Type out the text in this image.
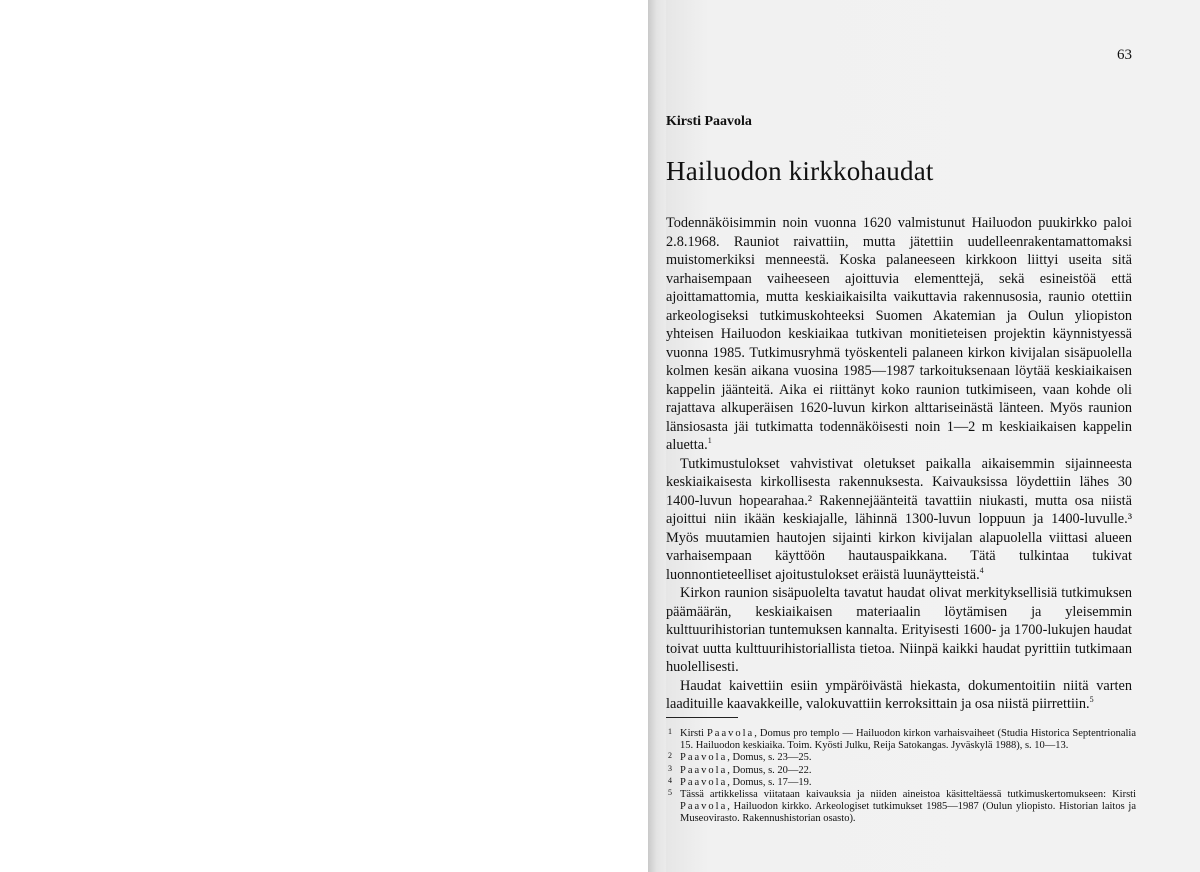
63
Kirsti Paavola
Hailuodon kirkkohaudat

Todennäköisimmin noin vuonna 1620 valmistunut Hailuodon puukirkko paloi 2.8.1968. Rauniot raivattiin, mutta jätettiin uudelleenrakentamattomaksi muistomerkiksi menneestä. Koska palaneeseen kirkkoon liittyi useita sitä varhaisempaan vaiheeseen ajoittuvia elementtejä, sekä esineistöä että ajoittamattomia, mutta keskiaikaisilta vaikuttavia rakennusosia, raunio otettiin arkeologiseksi tutkimuskohteeksi Suomen Akatemian ja Oulun yliopiston yhteisen Hailuodon keskiaikaa tutkivan monitieteisen projektin käynnistyessä vuonna 1985. Tutkimusryhmä työskenteli palaneen kirkon kivijalan sisäpuolella kolmen kesän aikana vuosina 1985—1987 tarkoituksenaan löytää keskiaikaisen kappelin jäänteitä. Aika ei riittänyt koko raunion tutkimiseen, vaan kohde oli rajattava alkuperäisen 1620-luvun kirkon alttariseinästä länteen. Myös raunion länsiosasta jäi tutkimatta todennäköisesti noin 1—2 m keskiaikaisen kappelin aluetta.$^1$

Tutkimustulokset vahvistivat oletukset paikalla aikaisemmin sijainneesta keskiaikaisesta kirkollisesta rakennuksesta. Kaivauksissa löydettiin lähes 30 1400-luvun hopearahaa.² Rakennejäänteitä tavattiin niukasti, mutta osa niistä ajoittui niin ikään keskiajalle, lähinnä 1300-luvun loppuun ja 1400-luvulle.³ Myös muutamien hautojen sijainti kirkon kivijalan alapuolella viittasi alueen varhaisempaan käyttöön hautauspaikkana. Tätä tulkintaa tukivat luonnontieteelliset ajoitustulokset eräistä luunäytteistä.$^4$

Kirkon raunion sisäpuolelta tavatut haudat olivat merkityksellisiä tutkimuksen päämäärän, keskiaikaisen materiaalin löytämisen ja yleisemmin kulttuurihistorian tuntemuksen kannalta. Erityisesti 1600- ja 1700-lukujen haudat toivat uutta kulttuurihistoriallista tietoa. Niinpä kaikki haudat pyrittiin tutkimaan huolellisesti.

Haudat kaivettiin esiin ympäröivästä hiekasta, dokumentoitiin niitä varten laadituille kaavakkeille, valokuvattiin kerroksittain ja osa niistä piirrettiin.$^5$

1 Kirsti Paavola, Domus pro templo — Hailuodon kirkon varhaisvaiheet (Studia Historica Septentrionalia 15. Hailuodon keskiaika. Toim. Kyösti Julku, Reija Satokangas. Jyväskylä 1988), s. 10—13.
2 Paavola, Domus, s. 23—25.
3 Paavola, Domus, s. 20—22.
4 Paavola, Domus, s. 17—19.
5 Tässä artikkelissa viitataan kaivauksia ja niiden aineistoa käsitteltäessä tutkimuskertomukseen: Kirsti Paavola, Hailuodon kirkko. Arkeologiset tutkimukset 1985—1987 (Oulun yliopisto. Historian laitos ja Museovirasto. Rakennushistorian osasto).
